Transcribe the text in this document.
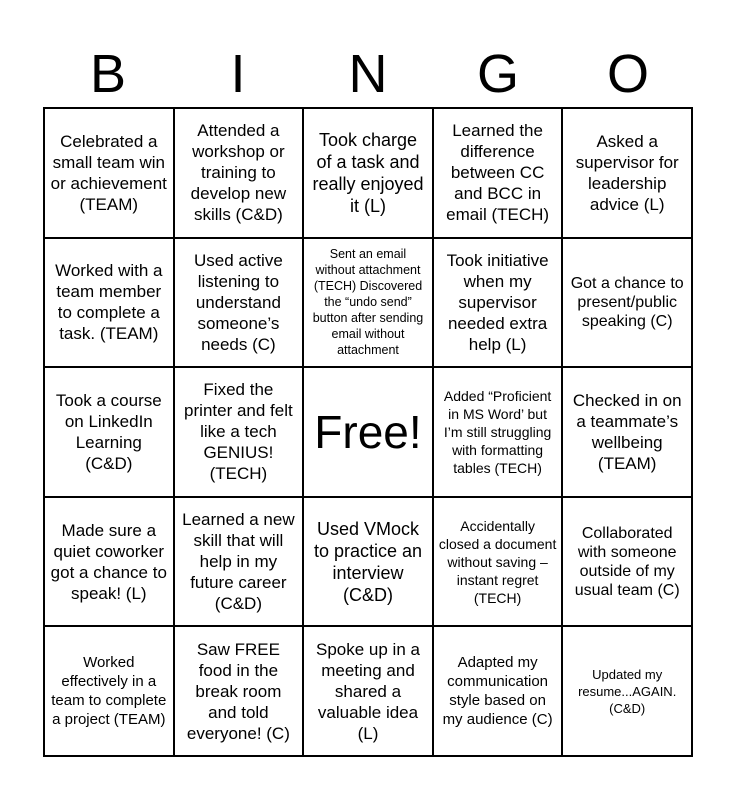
B	I	N	G	O
Celebrated a small team win or achievement (TEAM)
Attended a workshop or training to develop new skills (C&D)
Took charge of a task and really enjoyed it (L)
Learned the difference between CC and BCC in email (TECH)
Asked a supervisor for leadership advice (L)
Worked with a team member to complete a task. (TEAM)
Used active listening to understand someone’s needs (C)
Sent an email without attachment (TECH) Discovered the “undo send” button after sending email without attachment
Took initiative when my supervisor needed extra help (L)
Got a chance to present/public speaking (C)
Took a course on LinkedIn Learning (C&D)
Fixed the printer and felt like a tech GENIUS! (TECH)
Free!
Added “Proficient in MS Word’ but I’m still struggling with formatting tables (TECH)
Checked in on a teammate’s wellbeing (TEAM)
Made sure a quiet coworker got a chance to speak! (L)
Learned a new skill that will help in my future career (C&D)
Used VMock to practice an interview (C&D)
Accidentally closed a document without saving – instant regret (TECH)
Collaborated with someone outside of my usual team (C)
Worked effectively in a team to complete a project (TEAM)
Saw FREE food in the break room and told everyone! (C)
Spoke up in a meeting and shared a valuable idea (L)
Adapted my communication style based on my audience (C)
Updated my resume...AGAIN. (C&D)
